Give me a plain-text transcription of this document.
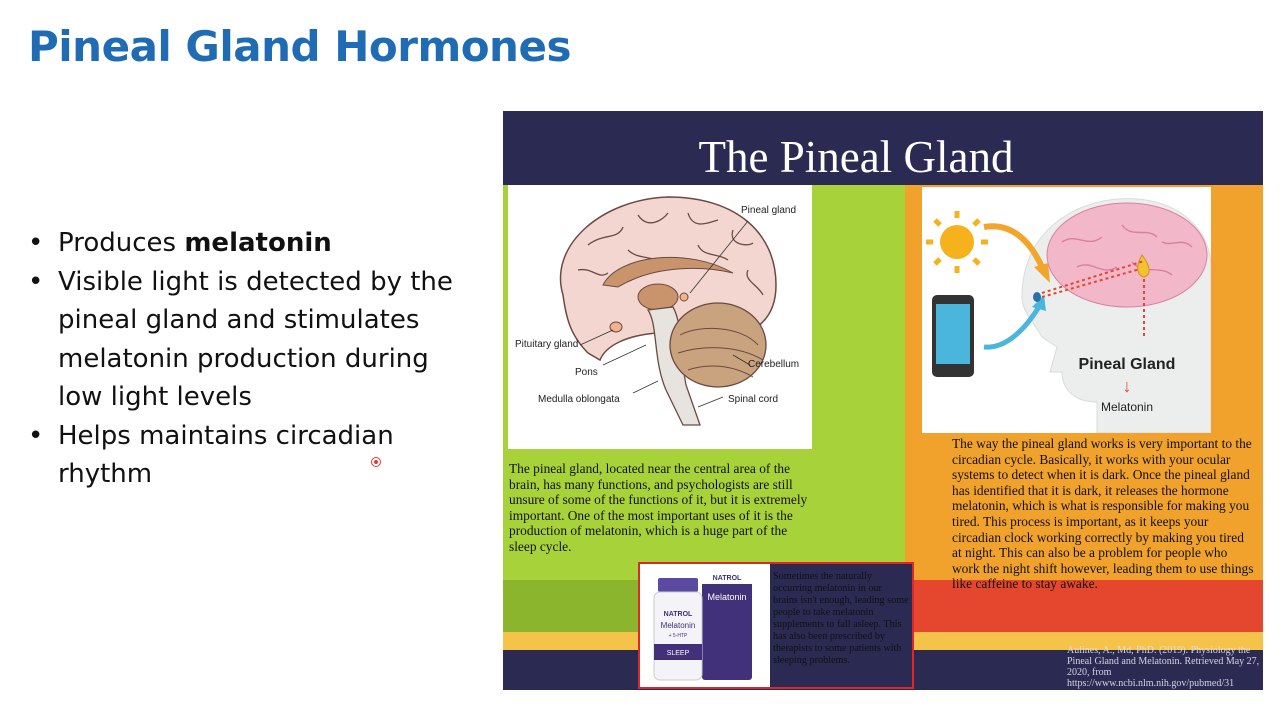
Pineal Gland Hormones
• Produces melatonin
• Visible light is detected by the pineal gland and stimulates melatonin production during low light levels
• Helps maintains circadian rhythm
The Pineal Gland
Pineal gland
Pituitary gland
Pons
Cerebellum
Medulla oblongata	Spinal cord
Pineal Gland
↓
Melatonin

The pineal gland, located near the central area of the brain, has many functions, and psychologists are still unsure of some of the functions of it, but it is extremely important. One of the most important uses of it is the production of melatonin, which is a huge part of the sleep cycle.

The way the pineal gland works is very important to the circadian cycle. Basically, it works with your ocular systems to detect when it is dark. Once the pineal gland has identified that it is dark, it releases the hormone melatonin, which is what is responsible for making you tired. This process is important, as it keeps your circadian clock working correctly by making you tired at night. This can also be a problem for people who work the night shift however, leading them to use things like caffeine to stay awake.

NATROL
Melatonin
NATROL
Melatonin
+ 5-HTP
SLEEP

Sometimes the naturally occurring melatonin in our brains isn't enough, leading some people to take melatonin supplements to fall asleep. This has also been prescribed by therapists to some patients with sleeping problems.

Aulines, A., Md, PhD. (2019). Physiology the Pineal Gland and Melatonin. Retrieved May 27, 2020, from https://www.ncbi.nlm.nih.gov/pubmed/31
